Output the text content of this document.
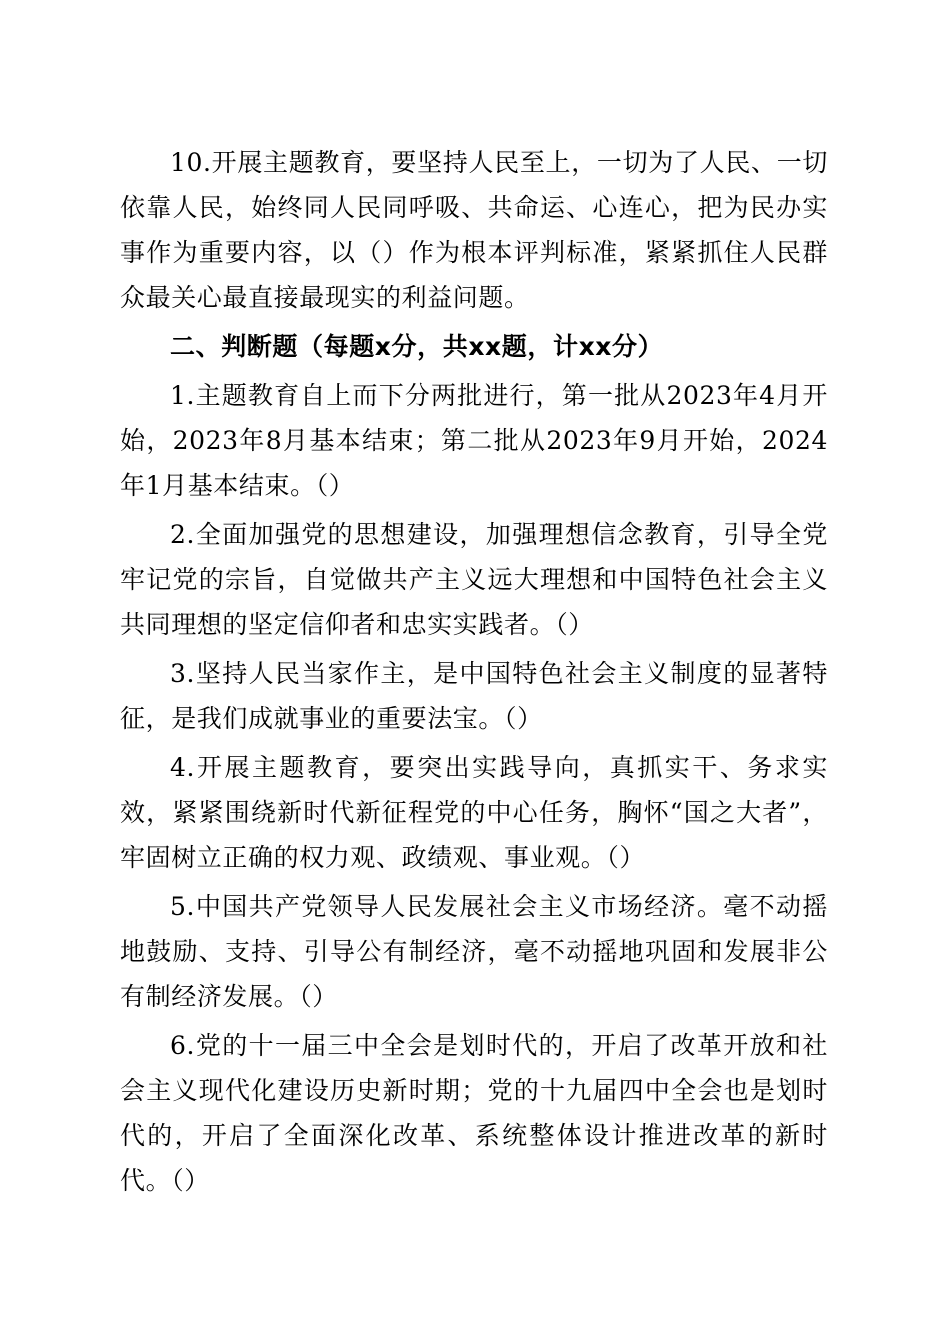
10.开展主题教育，要坚持人民至上，一切为了人民、一切依靠人民，始终同人民同呼吸、共命运、心连心，把为民办实事作为重要内容，以（）作为根本评判标准，紧紧抓住人民群众最关心最直接最现实的利益问题。

二、判断题（每题x分，共xx题，计xx分）

1.主题教育自上而下分两批进行，第一批从2023年4月开始，2023年8月基本结束；第二批从2023年9月开始，2024年1月基本结束。（）

2.全面加强党的思想建设，加强理想信念教育，引导全党牢记党的宗旨，自觉做共产主义远大理想和中国特色社会主义共同理想的坚定信仰者和忠实实践者。（）

3.坚持人民当家作主，是中国特色社会主义制度的显著特征，是我们成就事业的重要法宝。（）

4.开展主题教育，要突出实践导向，真抓实干、务求实效，紧紧围绕新时代新征程党的中心任务，胸怀“国之大者”，牢固树立正确的权力观、政绩观、事业观。（）

5.中国共产党领导人民发展社会主义市场经济。毫不动摇地鼓励、支持、引导公有制经济，毫不动摇地巩固和发展非公有制经济发展。（）

6.党的十一届三中全会是划时代的，开启了改革开放和社会主义现代化建设历史新时期；党的十九届四中全会也是划时代的，开启了全面深化改革、系统整体设计推进改革的新时代。（）
